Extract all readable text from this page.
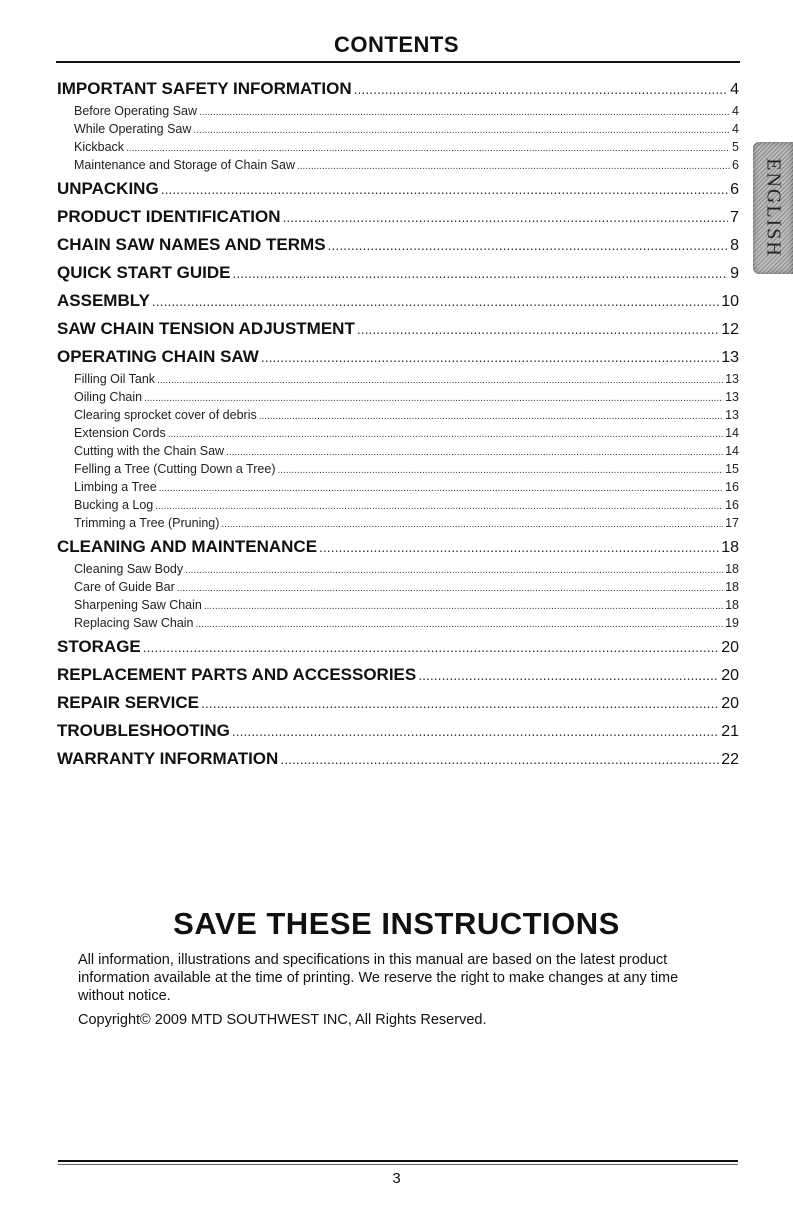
CONTENTS
IMPORTANT SAFETY INFORMATION .....	4
Before Operating Saw .....	4
While Operating Saw .....	4
Kickback .....	5
Maintenance and Storage of Chain Saw .....	6
UNPACKING .....	6
PRODUCT IDENTIFICATION .....	7
CHAIN SAW NAMES AND TERMS .....	8
QUICK START GUIDE .....	9
ASSEMBLY .....	10
SAW CHAIN TENSION ADJUSTMENT .....	12
OPERATING CHAIN SAW .....	13
Filling Oil Tank .....	13
Oiling Chain .....	13
Clearing sprocket cover of debris .....	13
Extension Cords .....	14
Cutting with the Chain Saw .....	14
Felling a Tree (Cutting Down a Tree) .....	15
Limbing a Tree .....	16
Bucking a Log .....	16
Trimming a Tree (Pruning) .....	17
CLEANING AND MAINTENANCE .....	18
Cleaning Saw Body .....	18
Care of Guide Bar .....	18
Sharpening Saw Chain .....	18
Replacing Saw Chain .....	19
STORAGE .....	20
REPLACEMENT PARTS AND ACCESSORIES .....	20
REPAIR SERVICE .....	20
TROUBLESHOOTING .....	21
WARRANTY INFORMATION .....	22
ENGLISH
SAVE THESE INSTRUCTIONS
All information, illustrations and specifications in this manual are based on the latest product information available at the time of printing. We reserve the right to make changes at any time without notice.
Copyright© 2009 MTD SOUTHWEST INC, All Rights Reserved.
3
